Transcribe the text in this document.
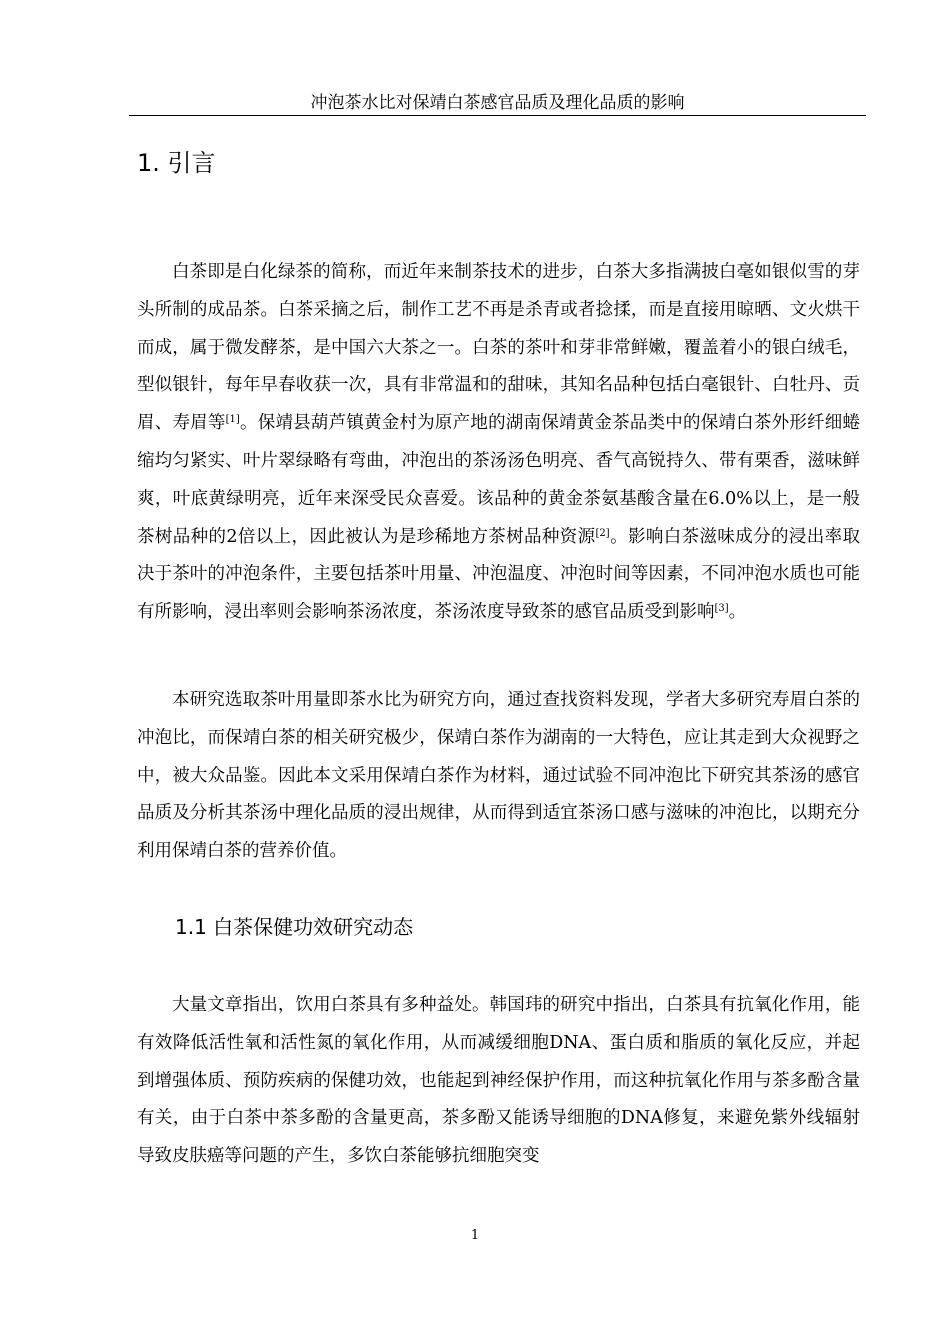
冲泡茶水比对保靖白茶感官品质及理化品质的影响
1. 引言

白茶即是白化绿茶的简称，而近年来制茶技术的进步，白茶大多指满披白毫如银似雪的芽头所制的成品茶。白茶采摘之后，制作工艺不再是杀青或者捻揉，而是直接用晾晒、文火烘干而成，属于微发酵茶，是中国六大茶之一。白茶的茶叶和芽非常鲜嫩，覆盖着小的银白绒毛，型似银针，每年早春收获一次，具有非常温和的甜味，其知名品种包括白毫银针、白牡丹、贡眉、寿眉等[1]。保靖县葫芦镇黄金村为原产地的湖南保靖黄金茶品类中的保靖白茶外形纤细蜷缩均匀紧实、叶片翠绿略有弯曲，冲泡出的茶汤汤色明亮、香气高锐持久、带有栗香，滋味鲜爽，叶底黄绿明亮，近年来深受民众喜爱。该品种的黄金茶氨基酸含量在6.0%以上，是一般茶树品种的2倍以上，因此被认为是珍稀地方茶树品种资源[2]。影响白茶滋味成分的浸出率取决于茶叶的冲泡条件，主要包括茶叶用量、冲泡温度、冲泡时间等因素，不同冲泡水质也可能有所影响，浸出率则会影响茶汤浓度，茶汤浓度导致茶的感官品质受到影响[3]。

本研究选取茶叶用量即茶水比为研究方向，通过查找资料发现，学者大多研究寿眉白茶的冲泡比，而保靖白茶的相关研究极少，保靖白茶作为湖南的一大特色，应让其走到大众视野之中，被大众品鉴。因此本文采用保靖白茶作为材料，通过试验不同冲泡比下研究其茶汤的感官品质及分析其茶汤中理化品质的浸出规律，从而得到适宜茶汤口感与滋味的冲泡比，以期充分利用保靖白茶的营养价值。

1.1 白茶保健功效研究动态

大量文章指出，饮用白茶具有多种益处。韩国玮的研究中指出，白茶具有抗氧化作用，能有效降低活性氧和活性氮的氧化作用，从而减缓细胞DNA、蛋白质和脂质的氧化反应，并起到增强体质、预防疾病的保健功效，也能起到神经保护作用，而这种抗氧化作用与茶多酚含量有关，由于白茶中茶多酚的含量更高，茶多酚又能诱导细胞的DNA修复，来避免紫外线辐射导致皮肤癌等问题的产生，多饮白茶能够抗细胞突变

1
